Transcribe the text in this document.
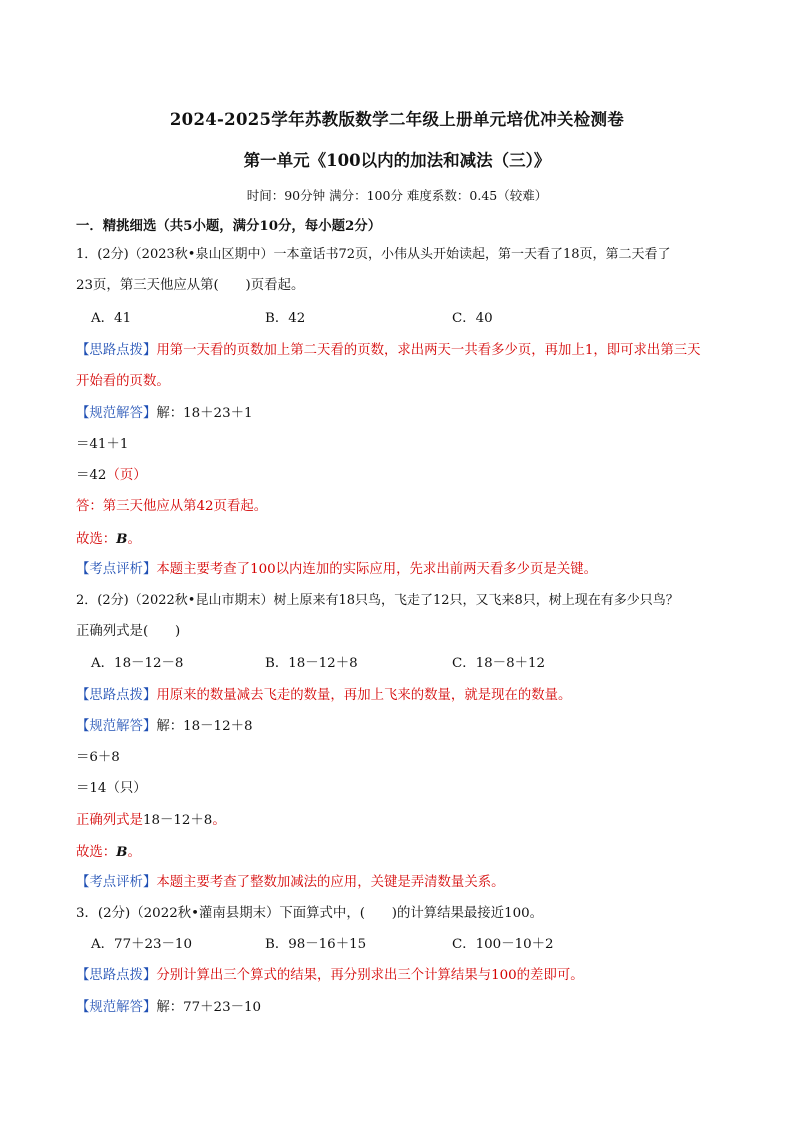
2024-2025学年苏教版数学二年级上册单元培优冲关检测卷
第一单元《100以内的加法和减法（三）》
时间：90分钟 满分：100分 难度系数：0.45（较难）
一．精挑细选（共5小题，满分10分，每小题2分）
1．(2分)（2023秋•泉山区期中）一本童话书72页，小伟从头开始读起，第一天看了18页，第二天看了
23页，第三天他应从第(　　)页看起。
A．41	B．42	C．40
【思路点拨】用第一天看的页数加上第二天看的页数，求出两天一共看多少页，再加上1，即可求出第三天
开始看的页数。
【规范解答】解：18＋23＋1
＝41＋1
＝42（页）
答：第三天他应从第42页看起。
故选：B。
【考点评析】本题主要考查了100以内连加的实际应用，先求出前两天看多少页是关键。
2．(2分)（2022秋•昆山市期末）树上原来有18只鸟，飞走了12只，又飞来8只，树上现在有多少只鸟？
正确列式是(　　)
A．18－12－8	B．18－12＋8	C．18－8＋12
【思路点拨】用原来的数量减去飞走的数量，再加上飞来的数量，就是现在的数量。
【规范解答】解：18－12＋8
＝6＋8
＝14（只）
正确列式是18－12＋8。
故选：B。
【考点评析】本题主要考查了整数加减法的应用，关键是弄清数量关系。
3．(2分)（2022秋•灌南县期末）下面算式中，(　　)的计算结果最接近100。
A．77＋23－10	B．98－16＋15	C．100－10＋2
【思路点拨】分别计算出三个算式的结果，再分别求出三个计算结果与100的差即可。
【规范解答】解：77＋23－10
